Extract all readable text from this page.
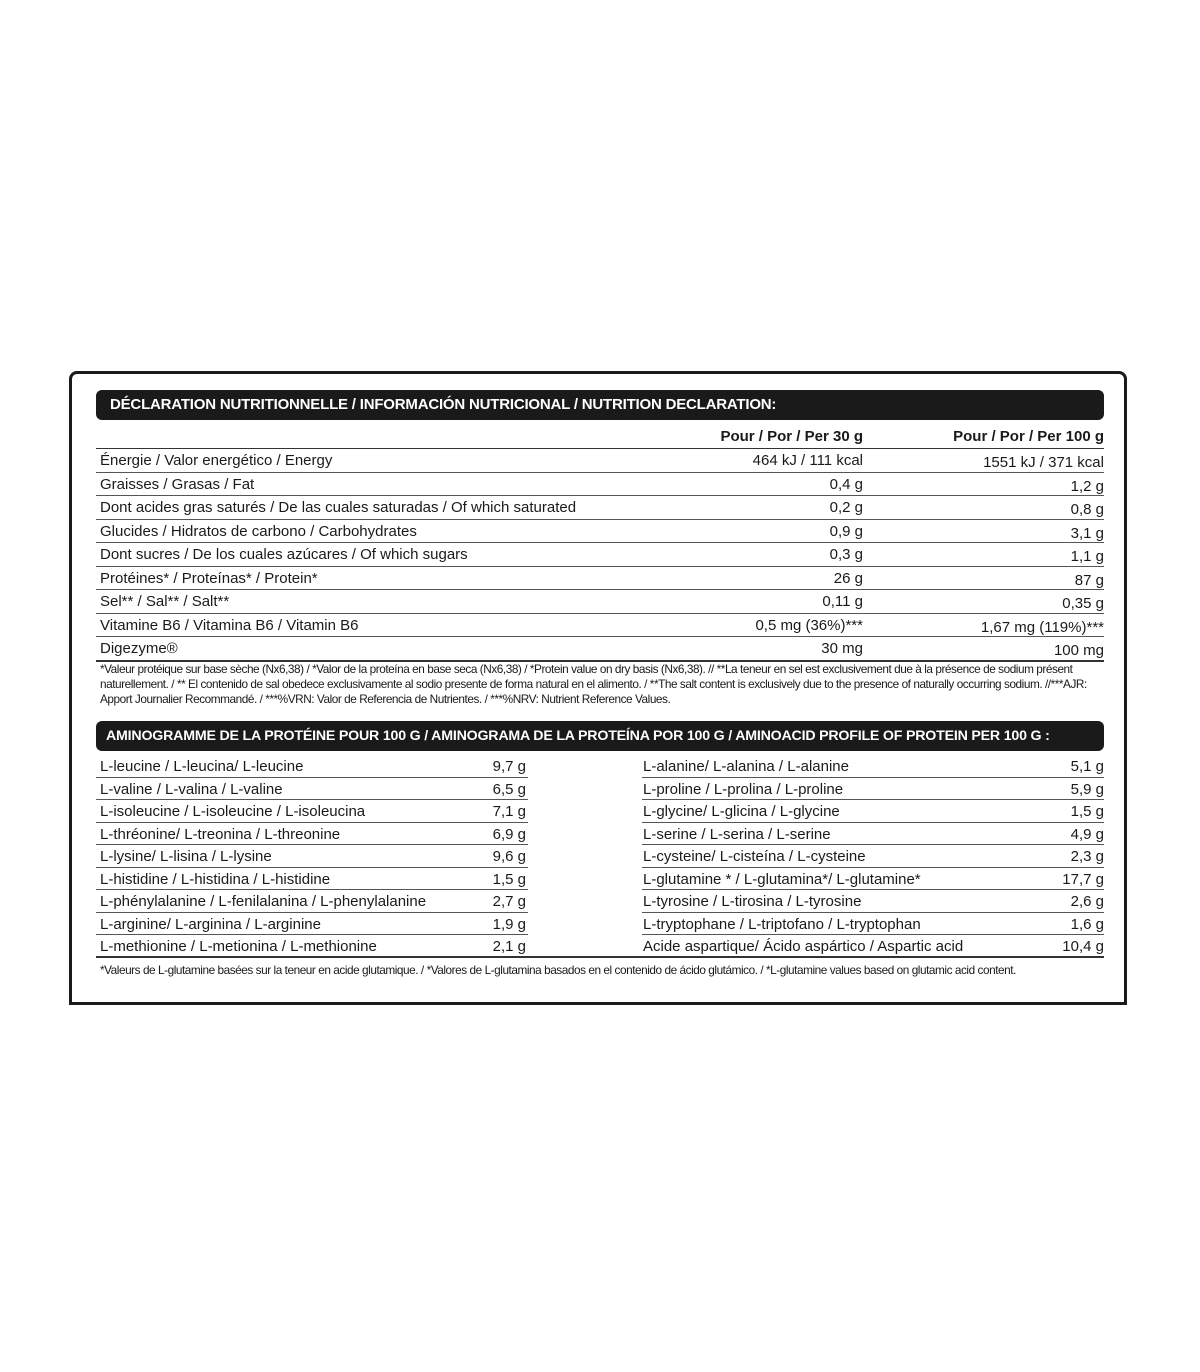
DÉCLARATION NUTRITIONNELLE / INFORMACIÓN NUTRICIONAL / NUTRITION DECLARATION:
Pour / Por / Per 30 g	Pour / Por / Per 100 g
Énergie / Valor energético / Energy	464 kJ / 111 kcal	1551 kJ / 371 kcal
Graisses / Grasas / Fat	0,4 g	1,2 g
Dont acides gras saturés / De las cuales saturadas / Of which saturated	0,2 g	0,8 g
Glucides / Hidratos de carbono / Carbohydrates	0,9 g	3,1 g
Dont sucres / De los cuales azúcares / Of which sugars	0,3 g	1,1 g
Protéines* / Proteínas* / Protein*	26 g	87 g
Sel** / Sal** / Salt**	0,11 g	0,35 g
Vitamine B6 / Vitamina B6 / Vitamin B6	0,5 mg (36%)***	1,67 mg (119%)***
Digezyme®	30 mg	100 mg
*Valeur protéique sur base sèche (Nx6,38) / *Valor de la proteína en base seca (Nx6,38) / *Protein value on dry basis (Nx6,38). // **La teneur en sel est exclusivement due à la présence de sodium présent naturellement. / ** El contenido de sal obedece exclusivamente al sodio presente de forma natural en el alimento. / **The salt content is exclusively due to the presence of naturally occurring sodium. //***AJR: Apport Journalier Recommandé. / ***%VRN: Valor de Referencia de Nutrientes. / ***%NRV: Nutrient Reference Values.
AMINOGRAMME DE LA PROTÉINE POUR 100 G / AMINOGRAMA DE LA PROTEÍNA POR 100 G / AMINOACID PROFILE OF PROTEIN PER 100 G :
L-leucine / L-leucina/ L-leucine	9,7 g	L-alanine/ L-alanina / L-alanine	5,1 g
L-valine / L-valina / L-valine	6,5 g	L-proline / L-prolina / L-proline	5,9 g
L-isoleucine / L-isoleucine / L-isoleucina	7,1 g	L-glycine/ L-glicina / L-glycine	1,5 g
L-thréonine/ L-treonina / L-threonine	6,9 g	L-serine / L-serina / L-serine	4,9 g
L-lysine/ L-lisina / L-lysine	9,6 g	L-cysteine/ L-cisteína / L-cysteine	2,3 g
L-histidine / L-histidina / L-histidine	1,5 g	L-glutamine * / L-glutamina*/ L-glutamine*	17,7 g
L-phénylalanine / L-fenilalanina / L-phenylalanine	2,7 g	L-tyrosine / L-tirosina / L-tyrosine	2,6 g
L-arginine/ L-arginina / L-arginine	1,9 g	L-tryptophane / L-triptofano / L-tryptophan	1,6 g
L-methionine / L-metionina / L-methionine	2,1 g	Acide aspartique/ Ácido aspártico / Aspartic acid	10,4 g
*Valeurs de L-glutamine basées sur la teneur en acide glutamique. / *Valores de L-glutamina basados en el contenido de ácido glutámico. / *L-glutamine values based on glutamic acid content.
